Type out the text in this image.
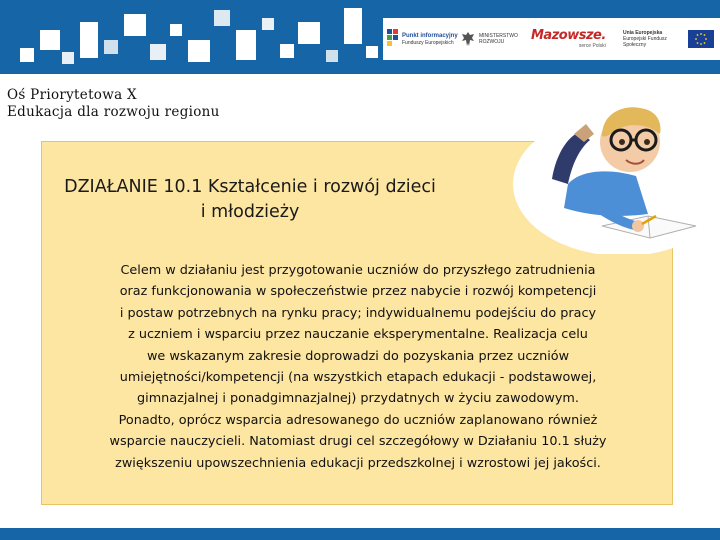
Punkt informacyjny
Funduszy Europejskich
MINISTERSTWO ROZWOJU	Mazowsze.
serce Polski
Unia Europejska
Europejski Fundusz Społeczny
Oś Priorytetowa X
Edukacja dla rozwoju regionu
DZIAŁANIE 10.1 Kształcenie i rozwój dzieci
i młodzieży
Celem w działaniu jest przygotowanie uczniów do przyszłego zatrudnienia
oraz funkcjonowania w społeczeństwie przez nabycie i rozwój kompetencji
i postaw potrzebnych na rynku pracy; indywidualnemu podejściu do pracy
z uczniem i wsparciu przez nauczanie eksperymentalne. Realizacja celu
we wskazanym zakresie doprowadzi do pozyskania przez uczniów
umiejętności/kompetencji (na wszystkich etapach edukacji - podstawowej,
gimnazjalnej i ponadgimnazjalnej) przydatnych w życiu zawodowym.
Ponadto, oprócz wsparcia adresowanego do uczniów zaplanowano również
wsparcie nauczycieli. Natomiast drugi cel szczegółowy w Działaniu 10.1 służy
zwiększeniu upowszechnienia edukacji przedszkolnej i wzrostowi jej jakości.
